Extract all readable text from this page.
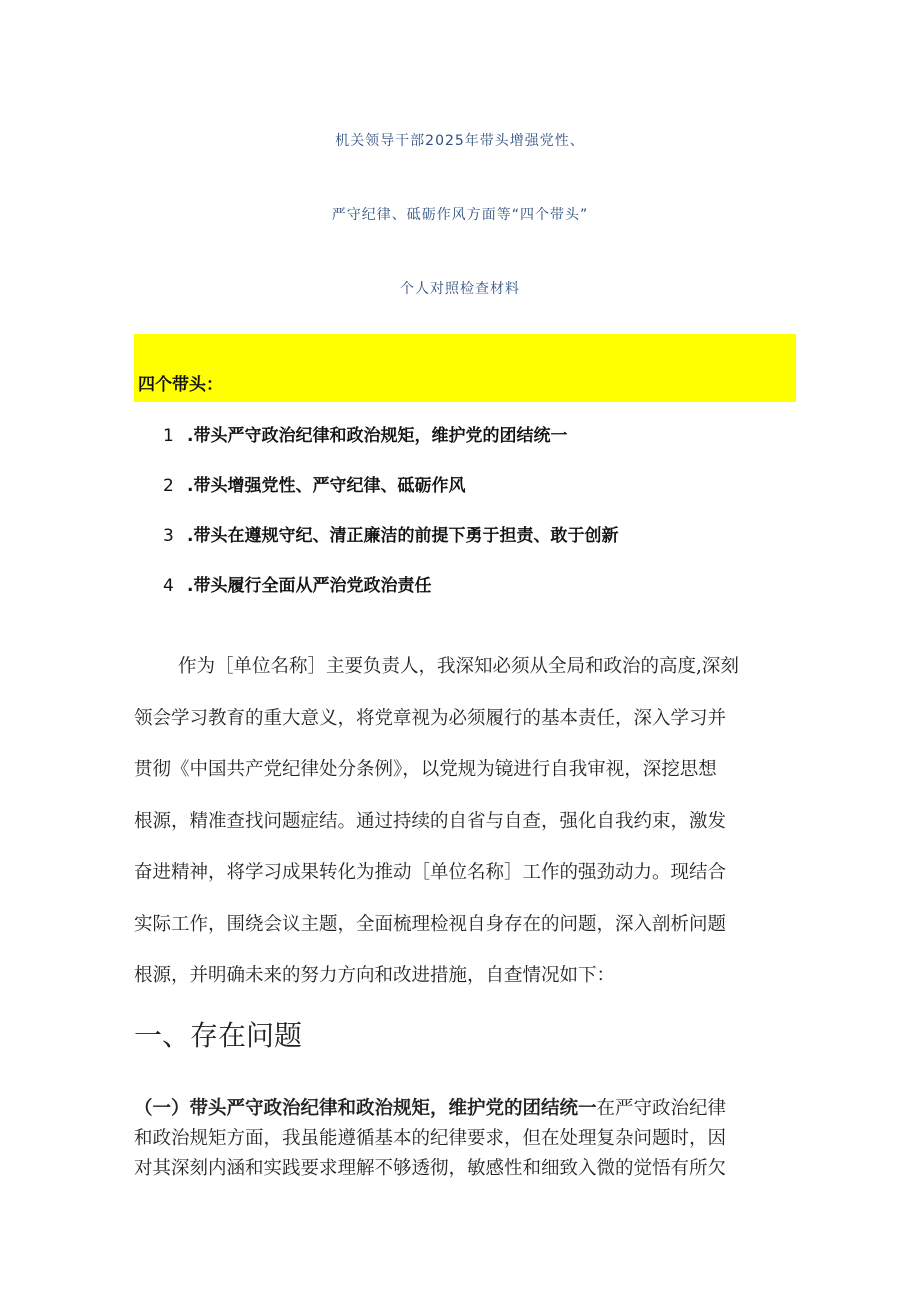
机关领导干部2025年带头增强党性、
严守纪律、砥砺作风方面等“四个带头”
个人对照检查材料
四个带头：
1 .带头严守政治纪律和政治规矩，维护党的团结统一
2 .带头增强党性、严守纪律、砥砺作风
3 .带头在遵规守纪、清正廉洁的前提下勇于担责、敢于创新
4 .带头履行全面从严治党政治责任
作为［单位名称］主要负责人，我深知必须从全局和政治的高度,深刻
领会学习教育的重大意义，将党章视为必须履行的基本责任，深入学习并
贯彻《中国共产党纪律处分条例》，以党规为镜进行自我审视，深挖思想
根源，精准查找问题症结。通过持续的自省与自查，强化自我约束，激发
奋进精神，将学习成果转化为推动［单位名称］工作的强劲动力。现结合
实际工作，围绕会议主题，全面梳理检视自身存在的问题，深入剖析问题
根源，并明确未来的努力方向和改进措施，自查情况如下：
一、存在问题
（一）带头严守政治纪律和政治规矩，维护党的团结统一在严守政治纪律
和政治规矩方面，我虽能遵循基本的纪律要求，但在处理复杂问题时，因
对其深刻内涵和实践要求理解不够透彻，敏感性和细致入微的觉悟有所欠
